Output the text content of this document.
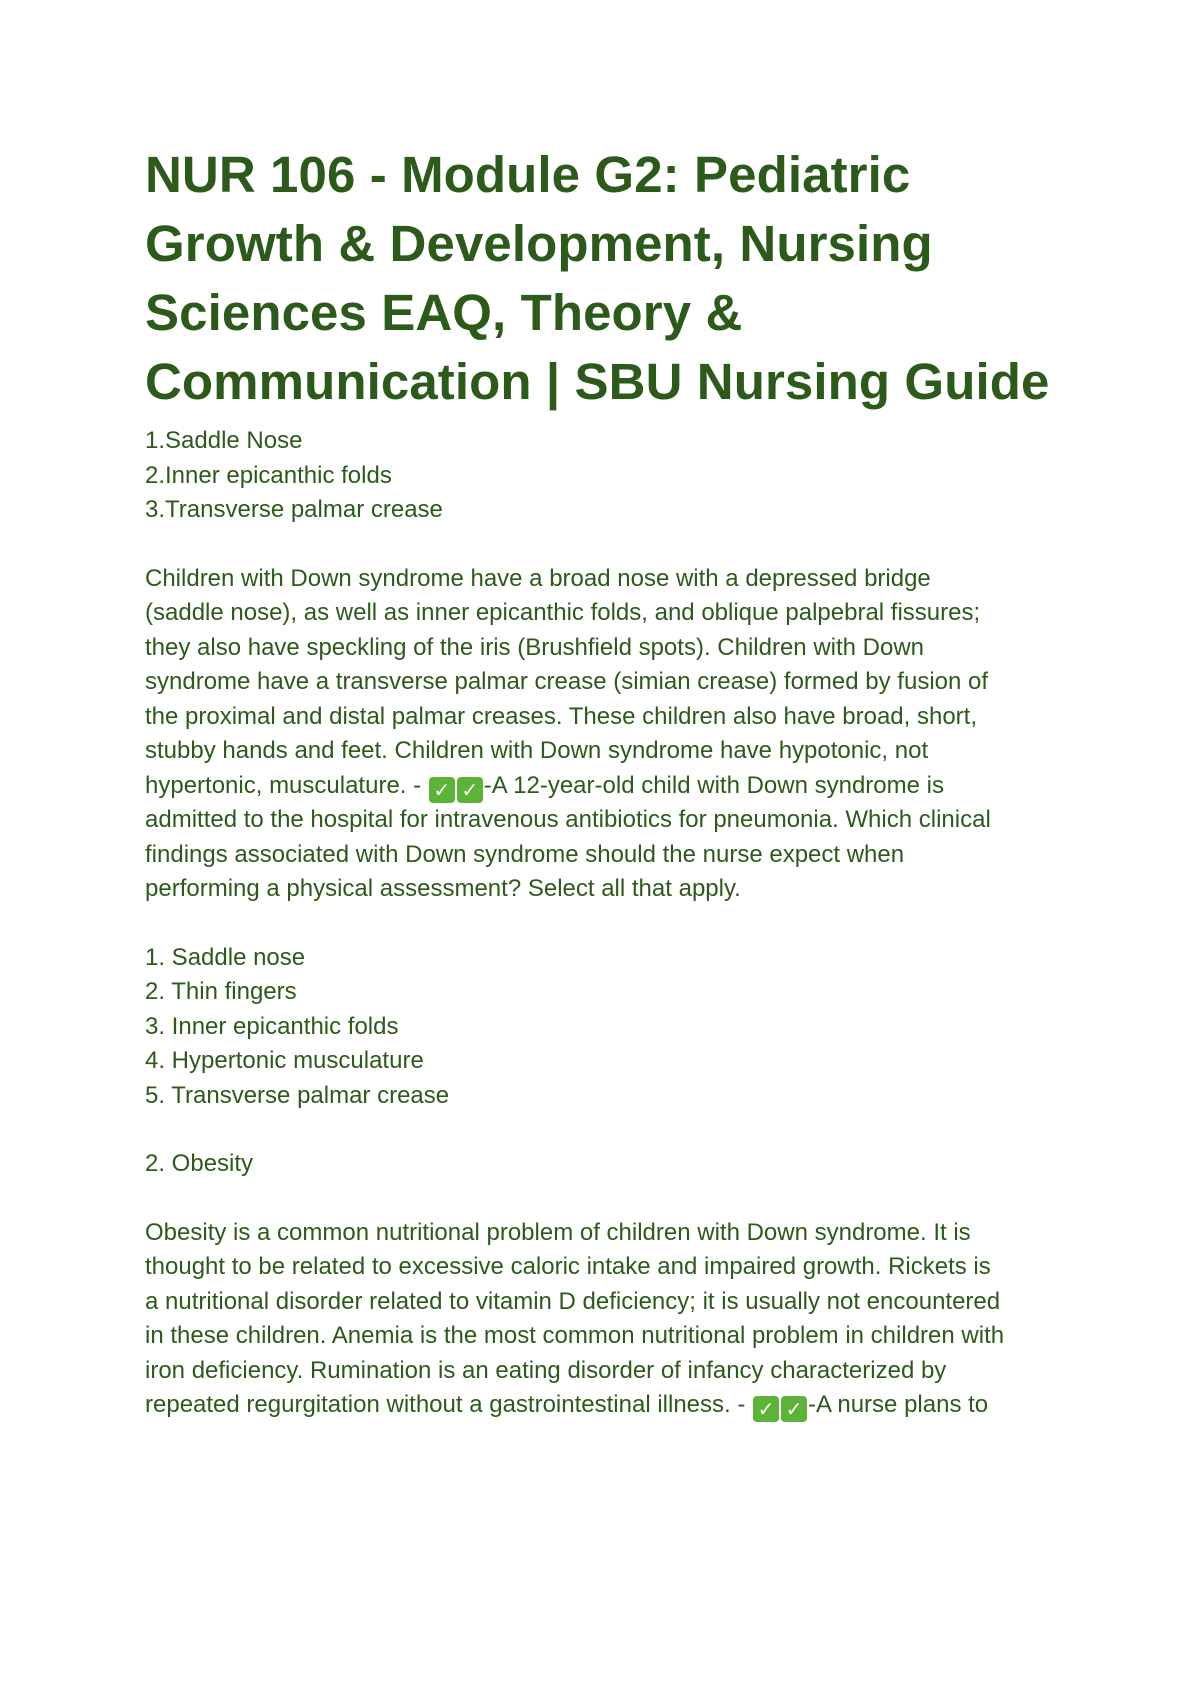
NUR 106 - Module G2: Pediatric
Growth & Development, Nursing
Sciences EAQ, Theory &
Communication | SBU Nursing Guide
1.Saddle Nose
2.Inner epicanthic folds
3.Transverse palmar crease
Children with Down syndrome have a broad nose with a depressed bridge
(saddle nose), as well as inner epicanthic folds, and oblique palpebral fissures;
they also have speckling of the iris (Brushfield spots). Children with Down
syndrome have a transverse palmar crease (simian crease) formed by fusion of
the proximal and distal palmar creases. These children also have broad, short,
stubby hands and feet. Children with Down syndrome have hypotonic, not
hypertonic, musculature. - ✓ ✓ -A 12-year-old child with Down syndrome is
admitted to the hospital for intravenous antibiotics for pneumonia. Which clinical
findings associated with Down syndrome should the nurse expect when
performing a physical assessment? Select all that apply.
1. Saddle nose
2. Thin fingers
3. Inner epicanthic folds
4. Hypertonic musculature
5. Transverse palmar crease
2. Obesity
Obesity is a common nutritional problem of children with Down syndrome. It is
thought to be related to excessive caloric intake and impaired growth. Rickets is
a nutritional disorder related to vitamin D deficiency; it is usually not encountered
in these children. Anemia is the most common nutritional problem in children with
iron deficiency. Rumination is an eating disorder of infancy characterized by
repeated regurgitation without a gastrointestinal illness. - ✓ ✓ -A nurse plans to
